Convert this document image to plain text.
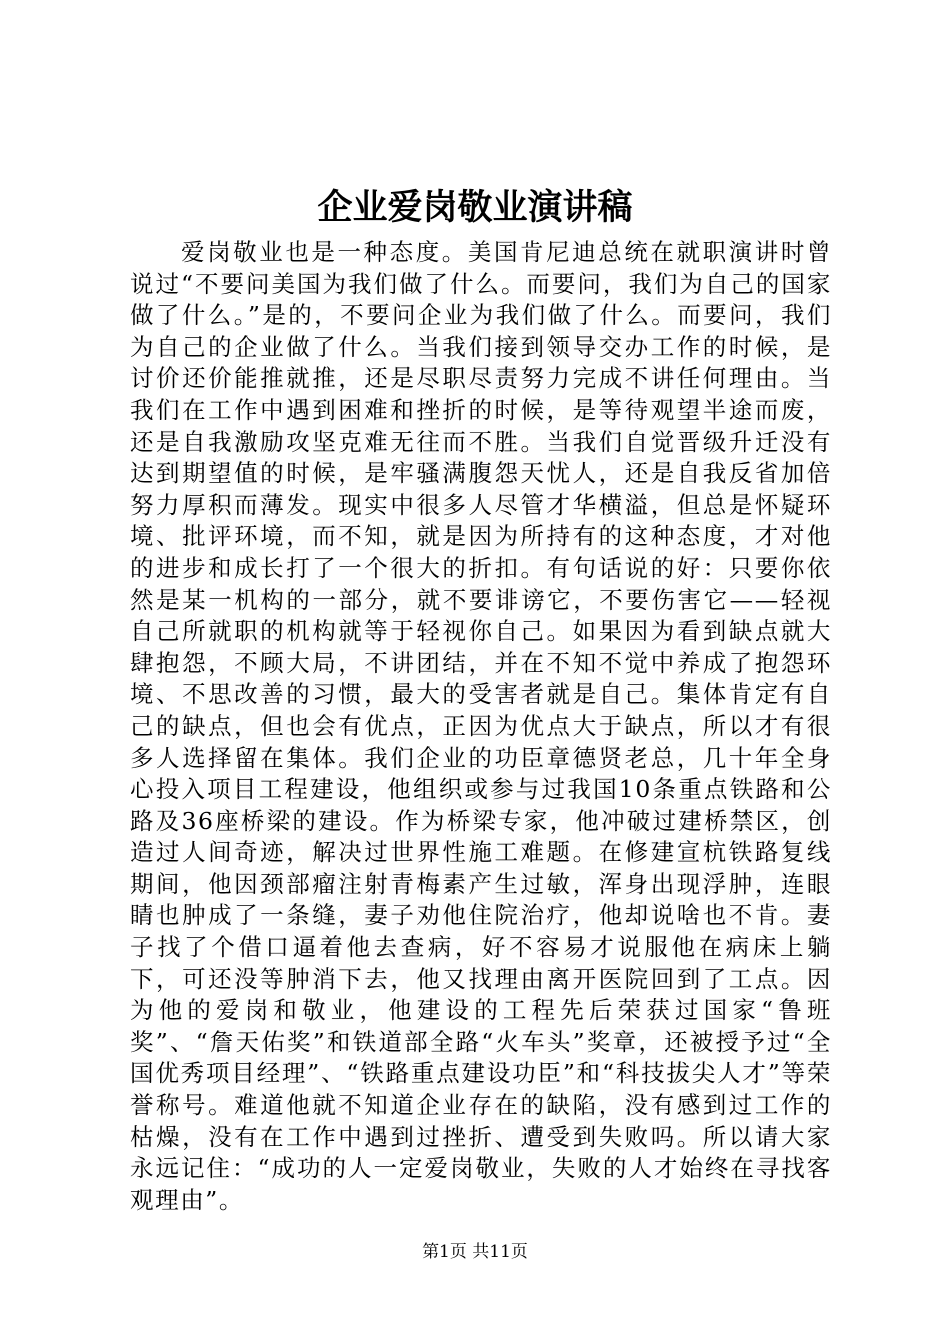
企业爱岗敬业演讲稿

爱岗敬业也是一种态度。美国肯尼迪总统在就职演讲时曾说过“不要问美国为我们做了什么。而要问，我们为自己的国家做了什么。”是的，不要问企业为我们做了什么。而要问，我们为自己的企业做了什么。当我们接到领导交办工作的时候，是讨价还价能推就推，还是尽职尽责努力完成不讲任何理由。当我们在工作中遇到困难和挫折的时候，是等待观望半途而废，还是自我激励攻坚克难无往而不胜。当我们自觉晋级升迁没有达到期望值的时候，是牢骚满腹怨天忧人，还是自我反省加倍努力厚积而薄发。现实中很多人尽管才华横溢，但总是怀疑环境、批评环境，而不知，就是因为所持有的这种态度，才对他的进步和成长打了一个很大的折扣。有句话说的好：只要你依然是某一机构的一部分，就不要诽谤它，不要伤害它——轻视自己所就职的机构就等于轻视你自己。如果因为看到缺点就大肆抱怨，不顾大局，不讲团结，并在不知不觉中养成了抱怨环境、不思改善的习惯，最大的受害者就是自己。集体肯定有自己的缺点，但也会有优点，正因为优点大于缺点，所以才有很多人选择留在集体。我们企业的功臣章德贤老总，几十年全身心投入项目工程建设，他组织或参与过我国10条重点铁路和公路及36座桥梁的建设。作为桥梁专家，他冲破过建桥禁区，创造过人间奇迹，解决过世界性施工难题。在修建宣杭铁路复线期间，他因颈部瘤注射青梅素产生过敏，浑身出现浮肿，连眼睛也肿成了一条缝，妻子劝他住院治疗，他却说啥也不肯。妻子找了个借口逼着他去查病，好不容易才说服他在病床上躺下，可还没等肿消下去，他又找理由离开医院回到了工点。因为他的爱岗和敬业，他建设的工程先后荣获过国家“鲁班奖”、“詹天佑奖”和铁道部全路“火车头”奖章，还被授予过“全国优秀项目经理”、“铁路重点建设功臣”和“科技拔尖人才”等荣誉称号。难道他就不知道企业存在的缺陷，没有感到过工作的枯燥，没有在工作中遇到过挫折、遭受到失败吗。所以请大家永远记住：“成功的人一定爱岗敬业，失败的人才始终在寻找客观理由”。

第1页 共11页
